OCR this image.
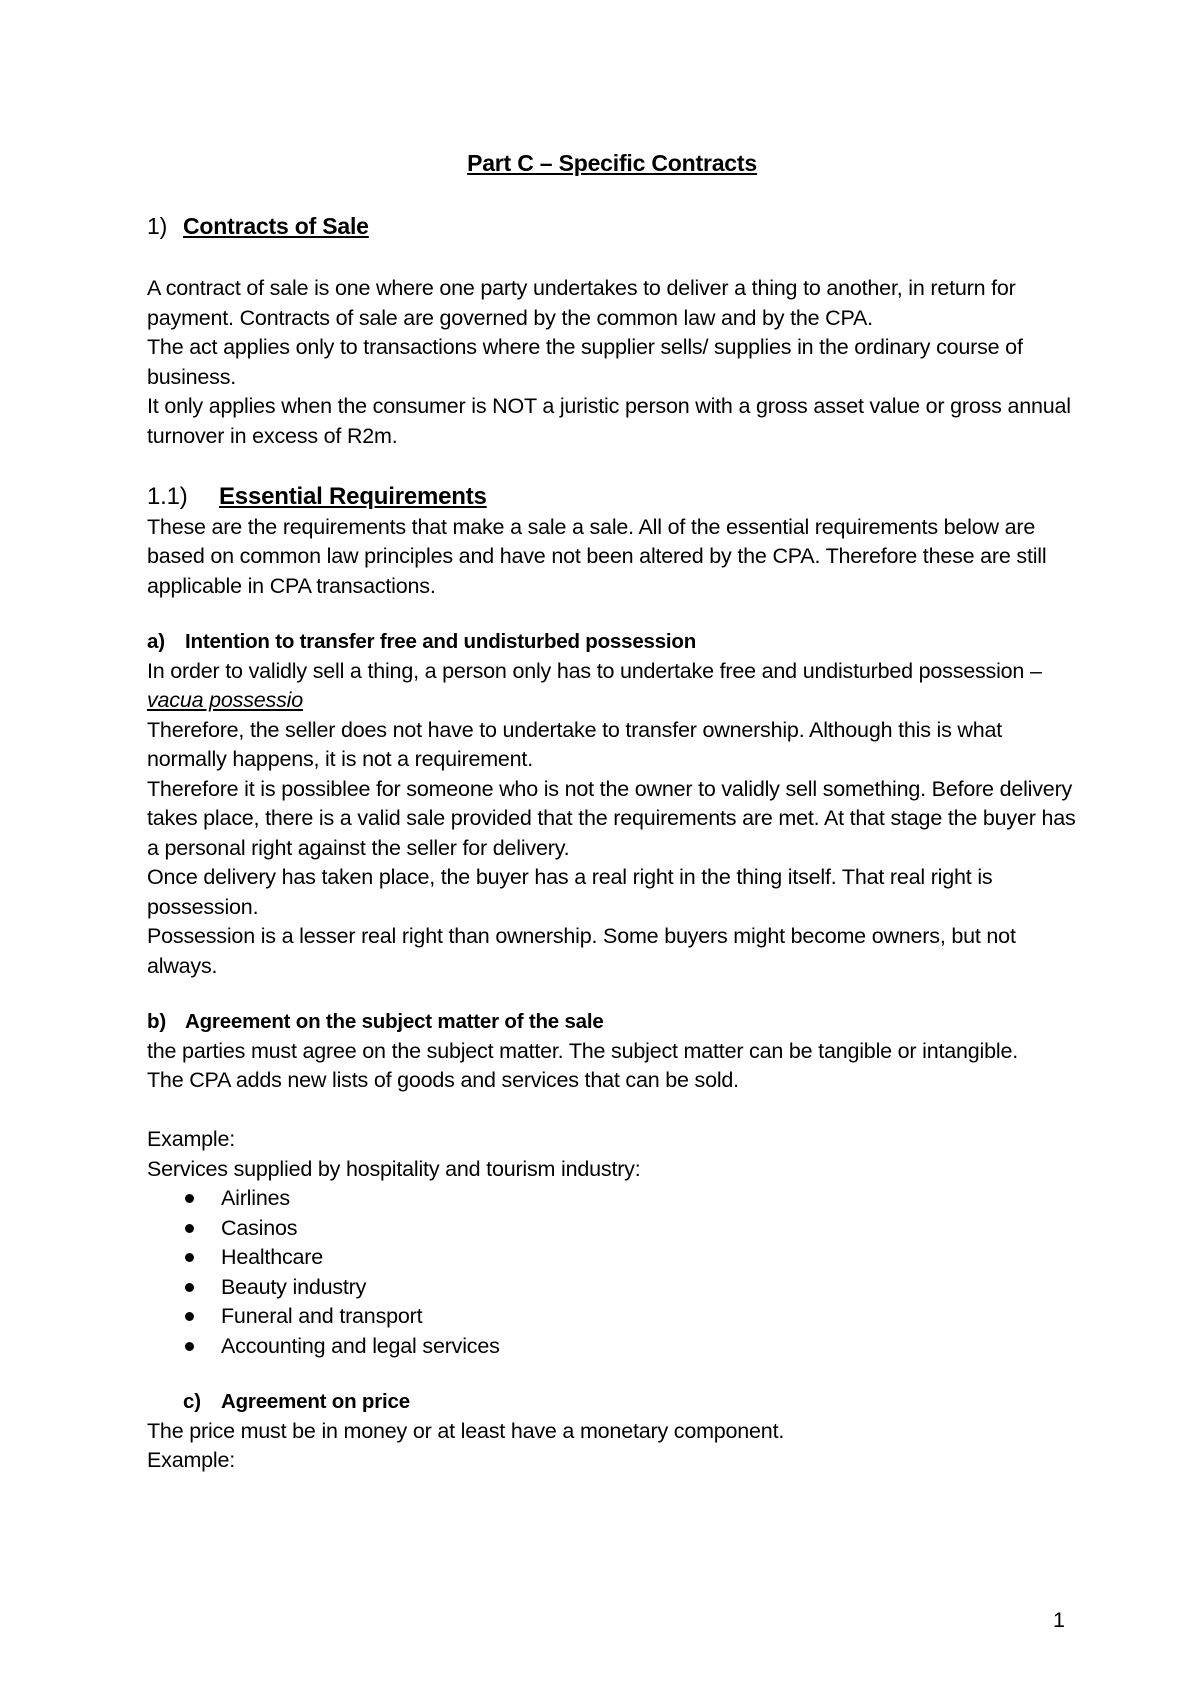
Part C – Specific Contracts
1) Contracts of Sale

A contract of sale is one where one party undertakes to deliver a thing to another, in return for payment. Contracts of sale are governed by the common law and by the CPA.

The act applies only to transactions where the supplier sells/ supplies in the ordinary course of business.

It only applies when the consumer is NOT a juristic person with a gross asset value or gross annual turnover in excess of R2m.

1.1)	Essential Requirements

These are the requirements that make a sale a sale. All of the essential requirements below are based on common law principles and have not been altered by the CPA. Therefore these are still applicable in CPA transactions.

a) Intention to transfer free and undisturbed possession

In order to validly sell a thing, a person only has to undertake free and undisturbed possession – vacua possessio

Therefore, the seller does not have to undertake to transfer ownership. Although this is what normally happens, it is not a requirement.

Therefore it is possiblee for someone who is not the owner to validly sell something. Before delivery takes place, there is a valid sale provided that the requirements are met. At that stage the buyer has a personal right against the seller for delivery.

Once delivery has taken place, the buyer has a real right in the thing itself. That real right is possession.

Possession is a lesser real right than ownership. Some buyers might become owners, but not always.

b) Agreement on the subject matter of the sale

the parties must agree on the subject matter. The subject matter can be tangible or intangible.

The CPA adds new lists of goods and services that can be sold.

Example:

Services supplied by hospitality and tourism industry:

Airlines
Casinos
Healthcare
Beauty industry
Funeral and transport
Accounting and legal services
c) Agreement on price

The price must be in money or at least have a monetary component.

Example:

1
